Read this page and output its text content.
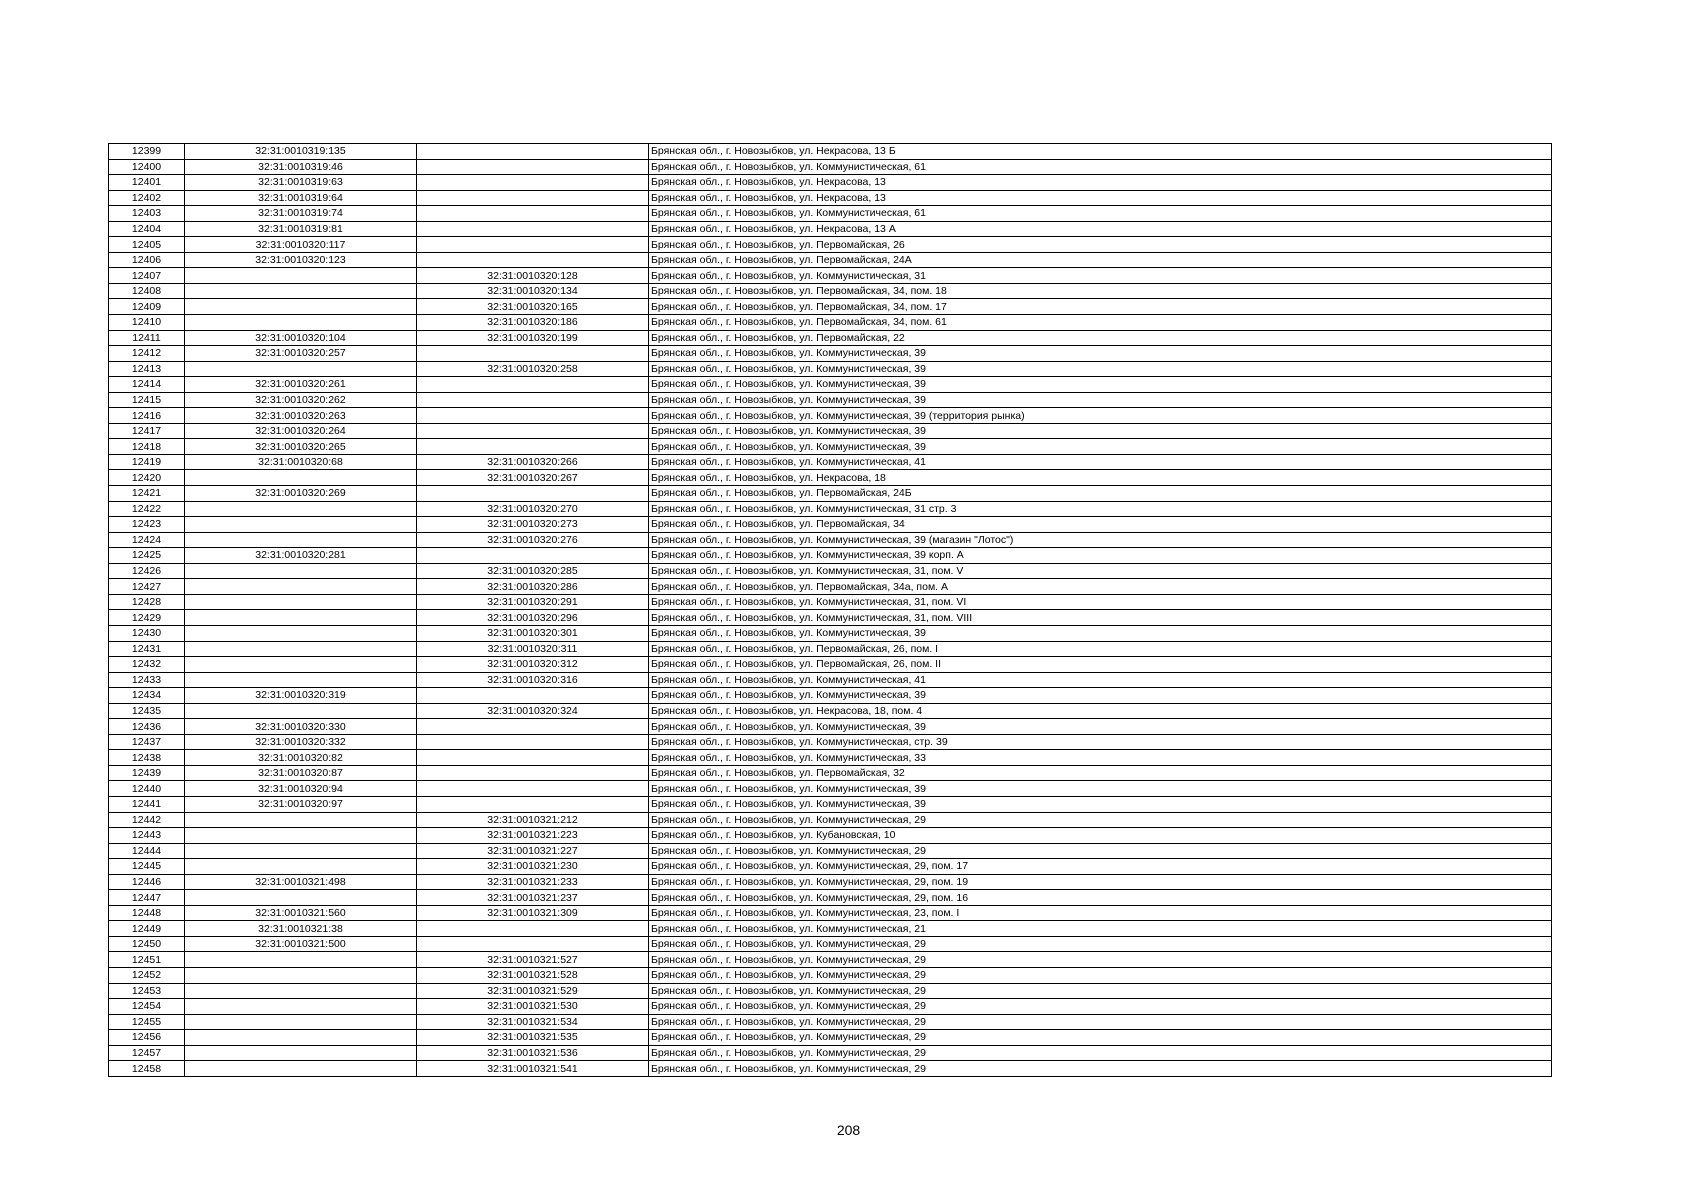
12399	32:31:0010319:135		Брянская обл., г. Новозыбков, ул. Некрасова, 13 Б
12400	32:31:0010319:46		Брянская обл., г. Новозыбков, ул. Коммунистическая, 61
12401	32:31:0010319:63		Брянская обл., г. Новозыбков, ул. Некрасова, 13
12402	32:31:0010319:64		Брянская обл., г. Новозыбков, ул. Некрасова, 13
12403	32:31:0010319:74		Брянская обл., г. Новозыбков, ул. Коммунистическая, 61
12404	32:31:0010319:81		Брянская обл., г. Новозыбков, ул. Некрасова, 13 А
12405	32:31:0010320:117		Брянская обл., г. Новозыбков, ул. Первомайская, 26
12406	32:31:0010320:123		Брянская обл., г. Новозыбков, ул. Первомайская, 24А
12407		32:31:0010320:128	Брянская обл., г. Новозыбков, ул. Коммунистическая, 31
12408		32:31:0010320:134	Брянская обл., г. Новозыбков, ул. Первомайская, 34, пом. 18
12409		32:31:0010320:165	Брянская обл., г. Новозыбков, ул. Первомайская, 34, пом. 17
12410		32:31:0010320:186	Брянская обл., г. Новозыбков, ул. Первомайская, 34, пом. 61
12411	32:31:0010320:104	32:31:0010320:199	Брянская обл., г. Новозыбков, ул. Первомайская, 22
12412	32:31:0010320:257		Брянская обл., г. Новозыбков, ул. Коммунистическая, 39
12413		32:31:0010320:258	Брянская обл., г. Новозыбков, ул. Коммунистическая, 39
12414	32:31:0010320:261		Брянская обл., г. Новозыбков, ул. Коммунистическая, 39
12415	32:31:0010320:262		Брянская обл., г. Новозыбков, ул. Коммунистическая, 39
12416	32:31:0010320:263		Брянская обл., г. Новозыбков, ул. Коммунистическая, 39 (территория рынка)
12417	32:31:0010320:264		Брянская обл., г. Новозыбков, ул. Коммунистическая, 39
12418	32:31:0010320:265		Брянская обл., г. Новозыбков, ул. Коммунистическая, 39
12419	32:31:0010320:68	32:31:0010320:266	Брянская обл., г. Новозыбков, ул. Коммунистическая, 41
12420		32:31:0010320:267	Брянская обл., г. Новозыбков, ул. Некрасова, 18
12421	32:31:0010320:269		Брянская обл., г. Новозыбков, ул. Первомайская, 24Б
12422		32:31:0010320:270	Брянская обл., г. Новозыбков, ул. Коммунистическая, 31 стр. 3
12423		32:31:0010320:273	Брянская обл., г. Новозыбков, ул. Первомайская, 34
12424		32:31:0010320:276	Брянская обл., г. Новозыбков, ул. Коммунистическая, 39 (магазин "Лотос")
12425	32:31:0010320:281		Брянская обл., г. Новозыбков, ул. Коммунистическая, 39 корп. А
12426		32:31:0010320:285	Брянская обл., г. Новозыбков, ул. Коммунистическая, 31, пом. V
12427		32:31:0010320:286	Брянская обл., г. Новозыбков, ул. Первомайская, 34а, пом. А
12428		32:31:0010320:291	Брянская обл., г. Новозыбков, ул. Коммунистическая, 31, пом. VI
12429		32:31:0010320:296	Брянская обл., г. Новозыбков, ул. Коммунистическая, 31, пом. VIII
12430		32:31:0010320:301	Брянская обл., г. Новозыбков, ул. Коммунистическая, 39
12431		32:31:0010320:311	Брянская обл., г. Новозыбков, ул. Первомайская, 26, пом. I
12432		32:31:0010320:312	Брянская обл., г. Новозыбков, ул. Первомайская, 26, пом. II
12433		32:31:0010320:316	Брянская обл., г. Новозыбков, ул. Коммунистическая, 41
12434	32:31:0010320:319		Брянская обл., г. Новозыбков, ул. Коммунистическая, 39
12435		32:31:0010320:324	Брянская обл., г. Новозыбков, ул. Некрасова, 18, пом. 4
12436	32:31:0010320:330		Брянская обл., г. Новозыбков, ул. Коммунистическая, 39
12437	32:31:0010320:332		Брянская обл., г. Новозыбков, ул. Коммунистическая, стр. 39
12438	32:31:0010320:82		Брянская обл., г. Новозыбков, ул. Коммунистическая, 33
12439	32:31:0010320:87		Брянская обл., г. Новозыбков, ул. Первомайская, 32
12440	32:31:0010320:94		Брянская обл., г. Новозыбков, ул. Коммунистическая, 39
12441	32:31:0010320:97		Брянская обл., г. Новозыбков, ул. Коммунистическая, 39
12442		32:31:0010321:212	Брянская обл., г. Новозыбков, ул. Коммунистическая, 29
12443		32:31:0010321:223	Брянская обл., г. Новозыбков, ул. Кубановская, 10
12444		32:31:0010321:227	Брянская обл., г. Новозыбков, ул. Коммунистическая, 29
12445		32:31:0010321:230	Брянская обл., г. Новозыбков, ул. Коммунистическая, 29, пом. 17
12446	32:31:0010321:498	32:31:0010321:233	Брянская обл., г. Новозыбков, ул. Коммунистическая, 29, пом. 19
12447		32:31:0010321:237	Брянская обл., г. Новозыбков, ул. Коммунистическая, 29, пом. 16
12448	32:31:0010321:560	32:31:0010321:309	Брянская обл., г. Новозыбков, ул. Коммунистическая, 23, пом. I
12449	32:31:0010321:38		Брянская обл., г. Новозыбков, ул. Коммунистическая, 21
12450	32:31:0010321:500		Брянская обл., г. Новозыбков, ул. Коммунистическая, 29
12451		32:31:0010321:527	Брянская обл., г. Новозыбков, ул. Коммунистическая, 29
12452		32:31:0010321:528	Брянская обл., г. Новозыбков, ул. Коммунистическая, 29
12453		32:31:0010321:529	Брянская обл., г. Новозыбков, ул. Коммунистическая, 29
12454		32:31:0010321:530	Брянская обл., г. Новозыбков, ул. Коммунистическая, 29
12455		32:31:0010321:534	Брянская обл., г. Новозыбков, ул. Коммунистическая, 29
12456		32:31:0010321:535	Брянская обл., г. Новозыбков, ул. Коммунистическая, 29
12457		32:31:0010321:536	Брянская обл., г. Новозыбков, ул. Коммунистическая, 29
12458		32:31:0010321:541	Брянская обл., г. Новозыбков, ул. Коммунистическая, 29
208
